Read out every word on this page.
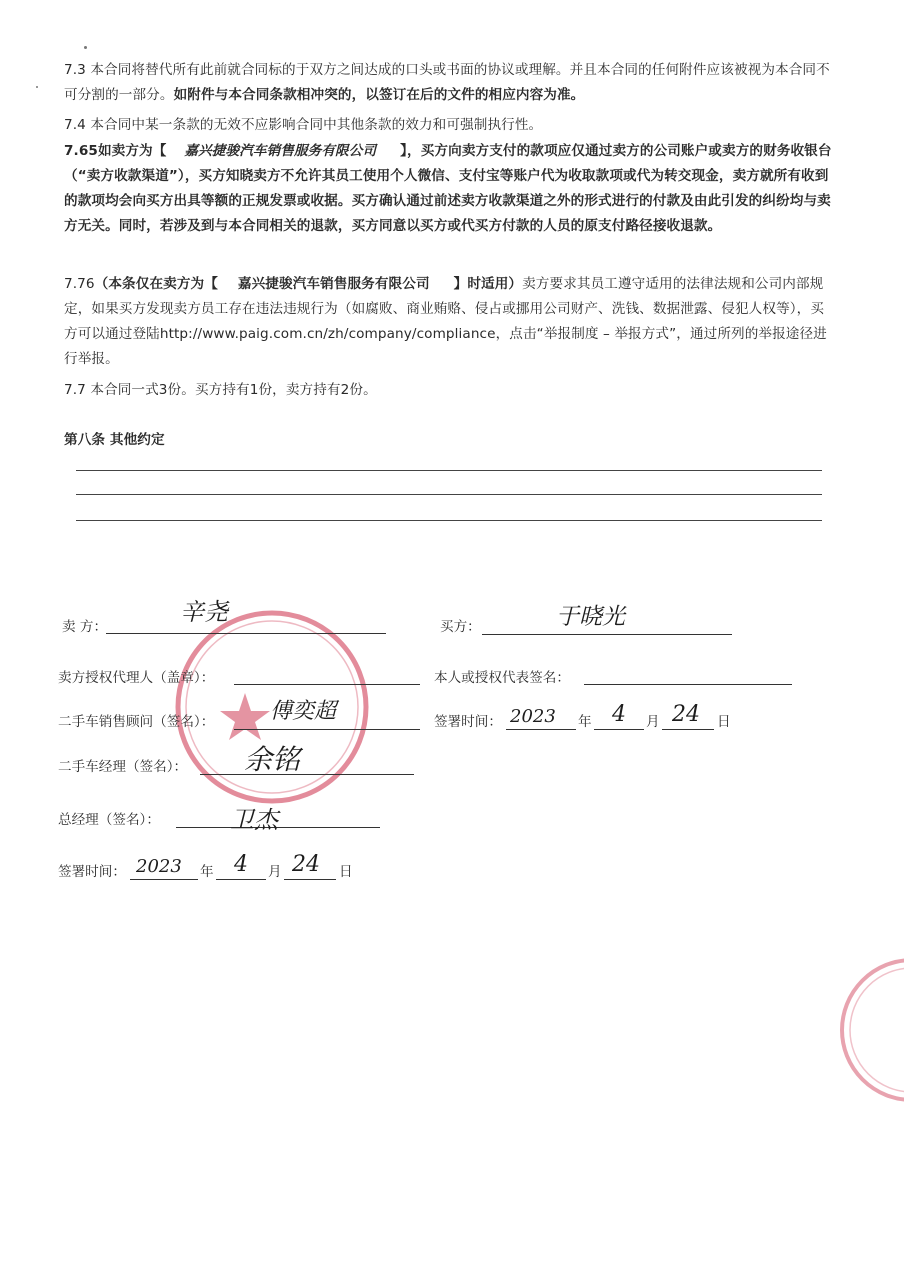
7.3 本合同将替代所有此前就合同标的于双方之间达成的口头或书面的协议或理解。并且本合同的任何附件应该被视为本合同不可分割的一部分。如附件与本合同条款相冲突的，以签订在后的文件的相应内容为准。
7.4 本合同中某一条款的无效不应影响合同中其他条款的效力和可强制执行性。
7.65如卖方为【 嘉兴捷骏汽车销售服务有限公司 】，买方向卖方支付的款项应仅通过卖方的公司账户或卖方的财务收银台（“卖方收款渠道”），买方知晓卖方不允许其员工使用个人微信、支付宝等账户代为收取款项或代为转交现金，卖方就所有收到的款项均会向买方出具等额的正规发票或收据。买方确认通过前述卖方收款渠道之外的形式进行的付款及由此引发的纠纷均与卖方无关。同时，若涉及到与本合同相关的退款，买方同意以买方或代买方付款的人员的原支付路径接收退款。
7.76（本条仅在卖方为【 嘉兴捷骏汽车销售服务有限公司 】时适用）卖方要求其员工遵守适用的法律法规和公司内部规定，如果买方发现卖方员工存在违法违规行为（如腐败、商业贿赂、侵占或挪用公司财产、洗钱、数据泄露、侵犯人权等），买方可以通过登陆http://www.paig.com.cn/zh/company/compliance，点击“举报制度 – 举报方式”，通过所列的举报途径进行举报。
7.7 本合同一式3份。买方持有1份，卖方持有2份。
第八条 其他约定
卖 方：
辛尧
买方：	于晓光
卖方授权代理人（盖章）：	本人或授权代表签名：
二手车销售顾问（签名）：	傅奕超	签署时间： 2023 年 4 月 24 日
二手车经理（签名）： 余铭
总经理（签名）：	卫杰
签署时间： 2023 年 4 月 24 日
